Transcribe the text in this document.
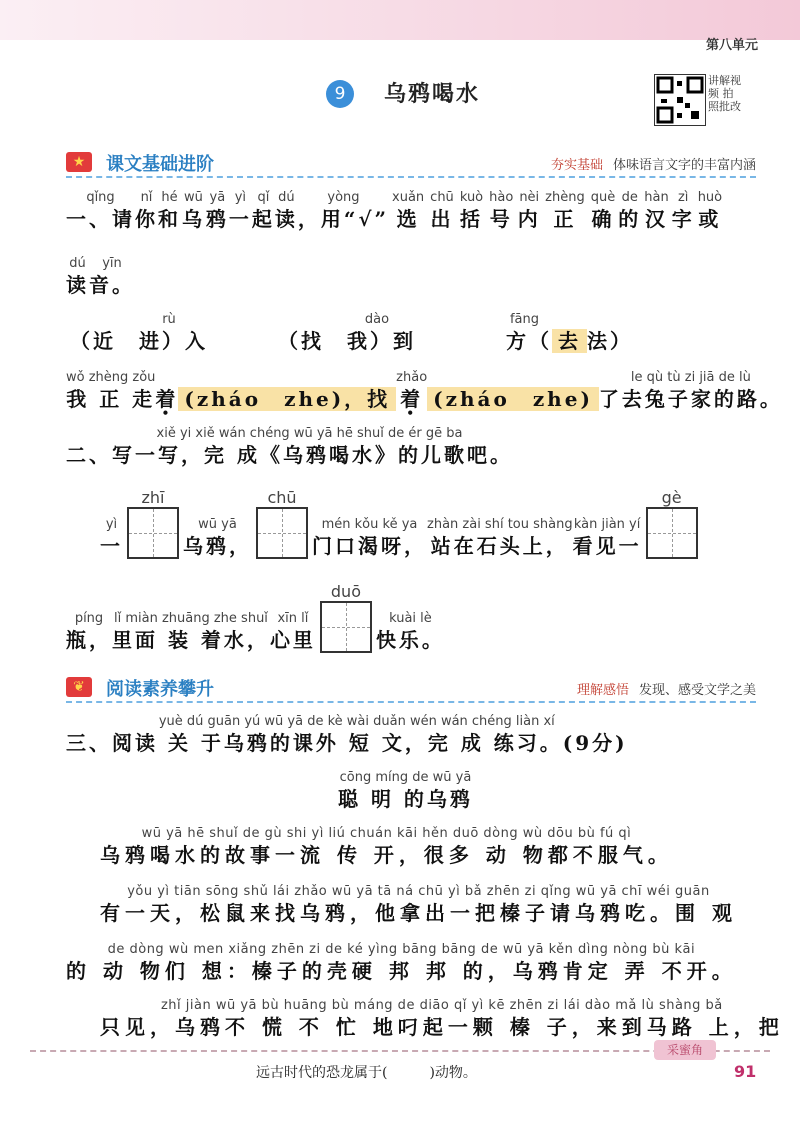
第八单元
9	乌鸦喝水
讲解视频 拍照批改
★	课文基础进阶	夯实基础 体味语言文字的丰富内涵
qǐng
一、请
nǐ
你
hé
和
wū
乌
yā
鸦
yì
一
qǐ
起
dú
读
yòng
，用“√”
xuǎn
选
chū
出
kuò
括
hào
号
nèi
内
zhèng
正
què
确
de
的
hàn
汉
zì
字
huò
或
dú
读
yīn
音。
rù
（近　进）入
dào
（找　我）到
fāng
方（ 去 法）
wǒ zhèng zǒu
我 正 走
着 •
(zháo　zhe)，找
zhǎo
着 •
(zháo　zhe)
le qù tù zi jiā de lù
了去兔子家的路。
xiě yi xiě wán chéng wū yā hē shuǐ de ér gē ba
二、写一写，完 成《乌鸦喝水》的儿歌吧。
yì
一
zhī
wū yā
乌鸦，
chū
mén kǒu kě ya
门口渴呀，
zhàn zài shí tou shàng
站在石头上，
kàn jiàn yí
看见一
gè
píng
瓶，
lǐ miàn zhuāng zhe shuǐ
里面 装 着水，
xīn lǐ
心里
duō
kuài lè
快乐。
❦	阅读素养攀升	理解感悟 发现、感受文学之美
yuè dú guān yú wū yā de kè wài duǎn wén wán chéng liàn xí
三、阅读 关 于乌鸦的课外 短 文，完 成 练习。(9分)
cōng míng de wū yā
聪 明 的乌鸦
wū yā hē shuǐ de gù shi yì liú chuán kāi hěn duō dòng wù dōu bù fú qì
乌鸦喝水的故事一流 传 开，很多 动 物都不服气。
yǒu yì tiān sōng shǔ lái zhǎo wū yā tā ná chū yì bǎ zhēn zi qǐng wū yā chī wéi guān
有一天，松鼠来找乌鸦，他拿出一把榛子请乌鸦吃。围 观
de dòng wù men xiǎng zhēn zi de ké yìng bāng bāng de wū yā kěn dìng nòng bù kāi
的 动 物们 想：榛子的壳硬 邦 邦 的，乌鸦肯定 弄 不开。
zhǐ jiàn wū yā bù huāng bù máng de diāo qǐ yì kē zhēn zi lái dào mǎ lù shàng bǎ
只见，乌鸦不 慌 不 忙 地叼起一颗 榛 子，来到马路 上，把
采蜜角
远古时代的恐龙属于(　　　)动物。	91
